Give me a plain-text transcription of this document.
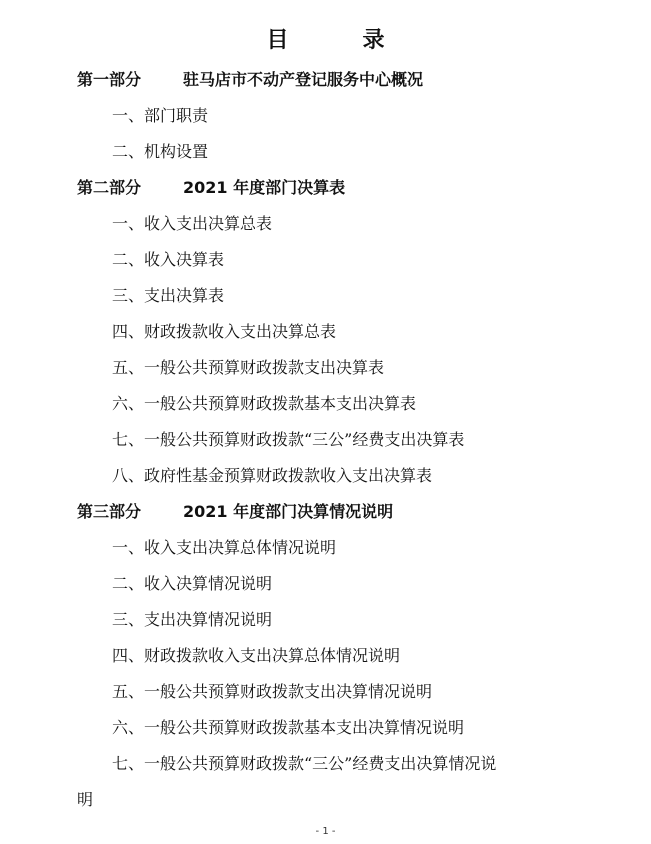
目　录
第一部分	驻马店市不动产登记服务中心概况
一、部门职责
二、机构设置
第二部分	2021 年度部门决算表
一、收入支出决算总表
二、收入决算表
三、支出决算表
四、财政拨款收入支出决算总表
五、一般公共预算财政拨款支出决算表
六、一般公共预算财政拨款基本支出决算表
七、一般公共预算财政拨款“三公”经费支出决算表
八、政府性基金预算财政拨款收入支出决算表
第三部分	2021 年度部门决算情况说明
一、收入支出决算总体情况说明
二、收入决算情况说明
三、支出决算情况说明
四、财政拨款收入支出决算总体情况说明
五、一般公共预算财政拨款支出决算情况说明
六、一般公共预算财政拨款基本支出决算情况说明
七、一般公共预算财政拨款“三公”经费支出决算情况说
明
- 1 -
